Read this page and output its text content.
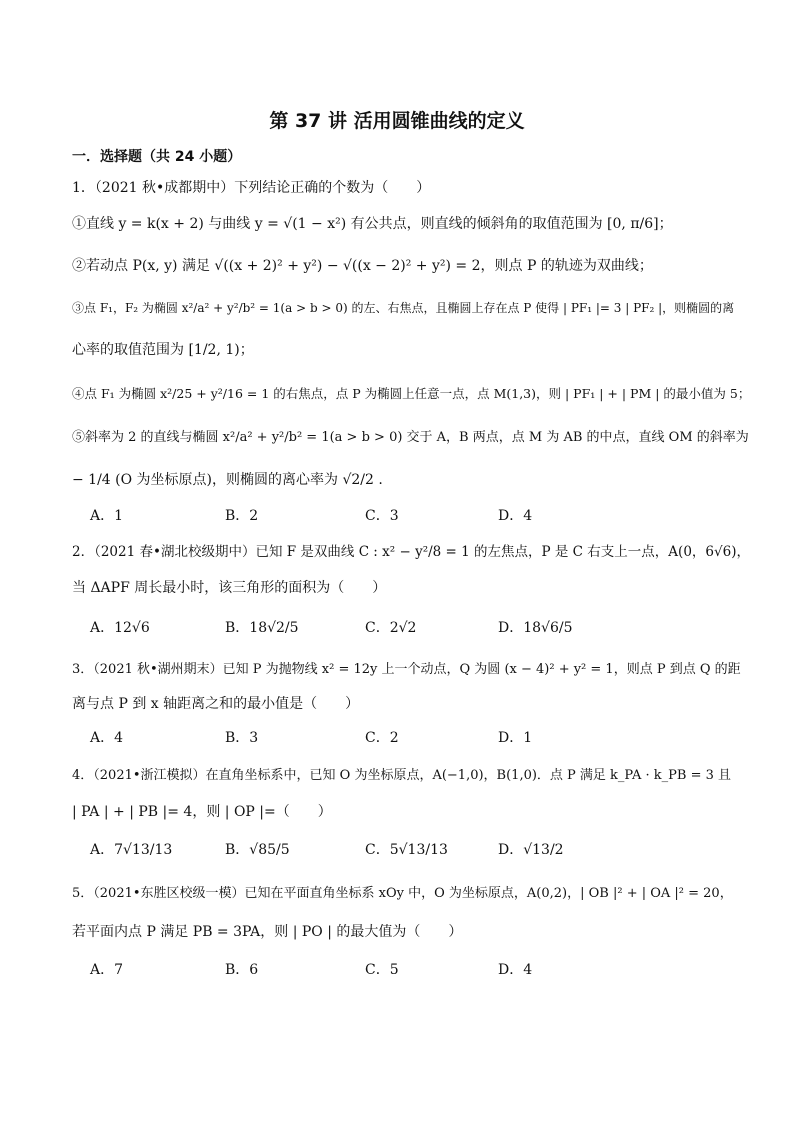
第 37 讲 活用圆锥曲线的定义
一．选择题（共 24 小题）
1．（2021 秋•成都期中）下列结论正确的个数为（　　）
①直线 y = k(x + 2) 与曲线 y = √(1 − x²) 有公共点，则直线的倾斜角的取值范围为 [0, π/6]；
②若动点 P(x, y) 满足 √((x + 2)² + y²) − √((x − 2)² + y²) = 2，则点 P 的轨迹为双曲线；
③点 F₁，F₂ 为椭圆 x²/a² + y²/b² = 1(a > b > 0) 的左、右焦点，且椭圆上存在点 P 使得 | PF₁ |= 3 | PF₂ |，则椭圆的离
心率的取值范围为 [1/2, 1)；
④点 F₁ 为椭圆 x²/25 + y²/16 = 1 的右焦点，点 P 为椭圆上任意一点，点 M(1,3)，则 | PF₁ | + | PM | 的最小值为 5；
⑤斜率为 2 的直线与椭圆 x²/a² + y²/b² = 1(a > b > 0) 交于 A，B 两点，点 M 为 AB 的中点，直线 OM 的斜率为
− 1/4 (O 为坐标原点)，则椭圆的离心率为 √2/2 .
A．1	B．2	C．3	D．4
2．（2021 春•湖北校级期中）已知 F 是双曲线 C : x² − y²/8 = 1 的左焦点，P 是 C 右支上一点，A(0，6√6)，
当 ΔAPF 周长最小时，该三角形的面积为（　　）
A．12√6	B．18√2/5	C．2√2	D．18√6/5
3．（2021 秋•湖州期末）已知 P 为抛物线 x² = 12y 上一个动点，Q 为圆 (x − 4)² + y² = 1，则点 P 到点 Q 的距
离与点 P 到 x 轴距离之和的最小值是（　　）
A．4	B．3	C．2	D．1
4．（2021•浙江模拟）在直角坐标系中，已知 O 为坐标原点，A(−1,0)，B(1,0)．点 P 满足 k_PA · k_PB = 3 且
| PA | + | PB |= 4，则 | OP |=（　　）
A．7√13/13	B．√85/5	C．5√13/13	D．√13/2
5．（2021•东胜区校级一模）已知在平面直角坐标系 xOy 中，O 为坐标原点，A(0,2)，| OB |² + | OA |² = 20，
若平面内点 P 满足 PB = 3PA，则 | PO | 的最大值为（　　）
A．7	B．6	C．5	D．4
